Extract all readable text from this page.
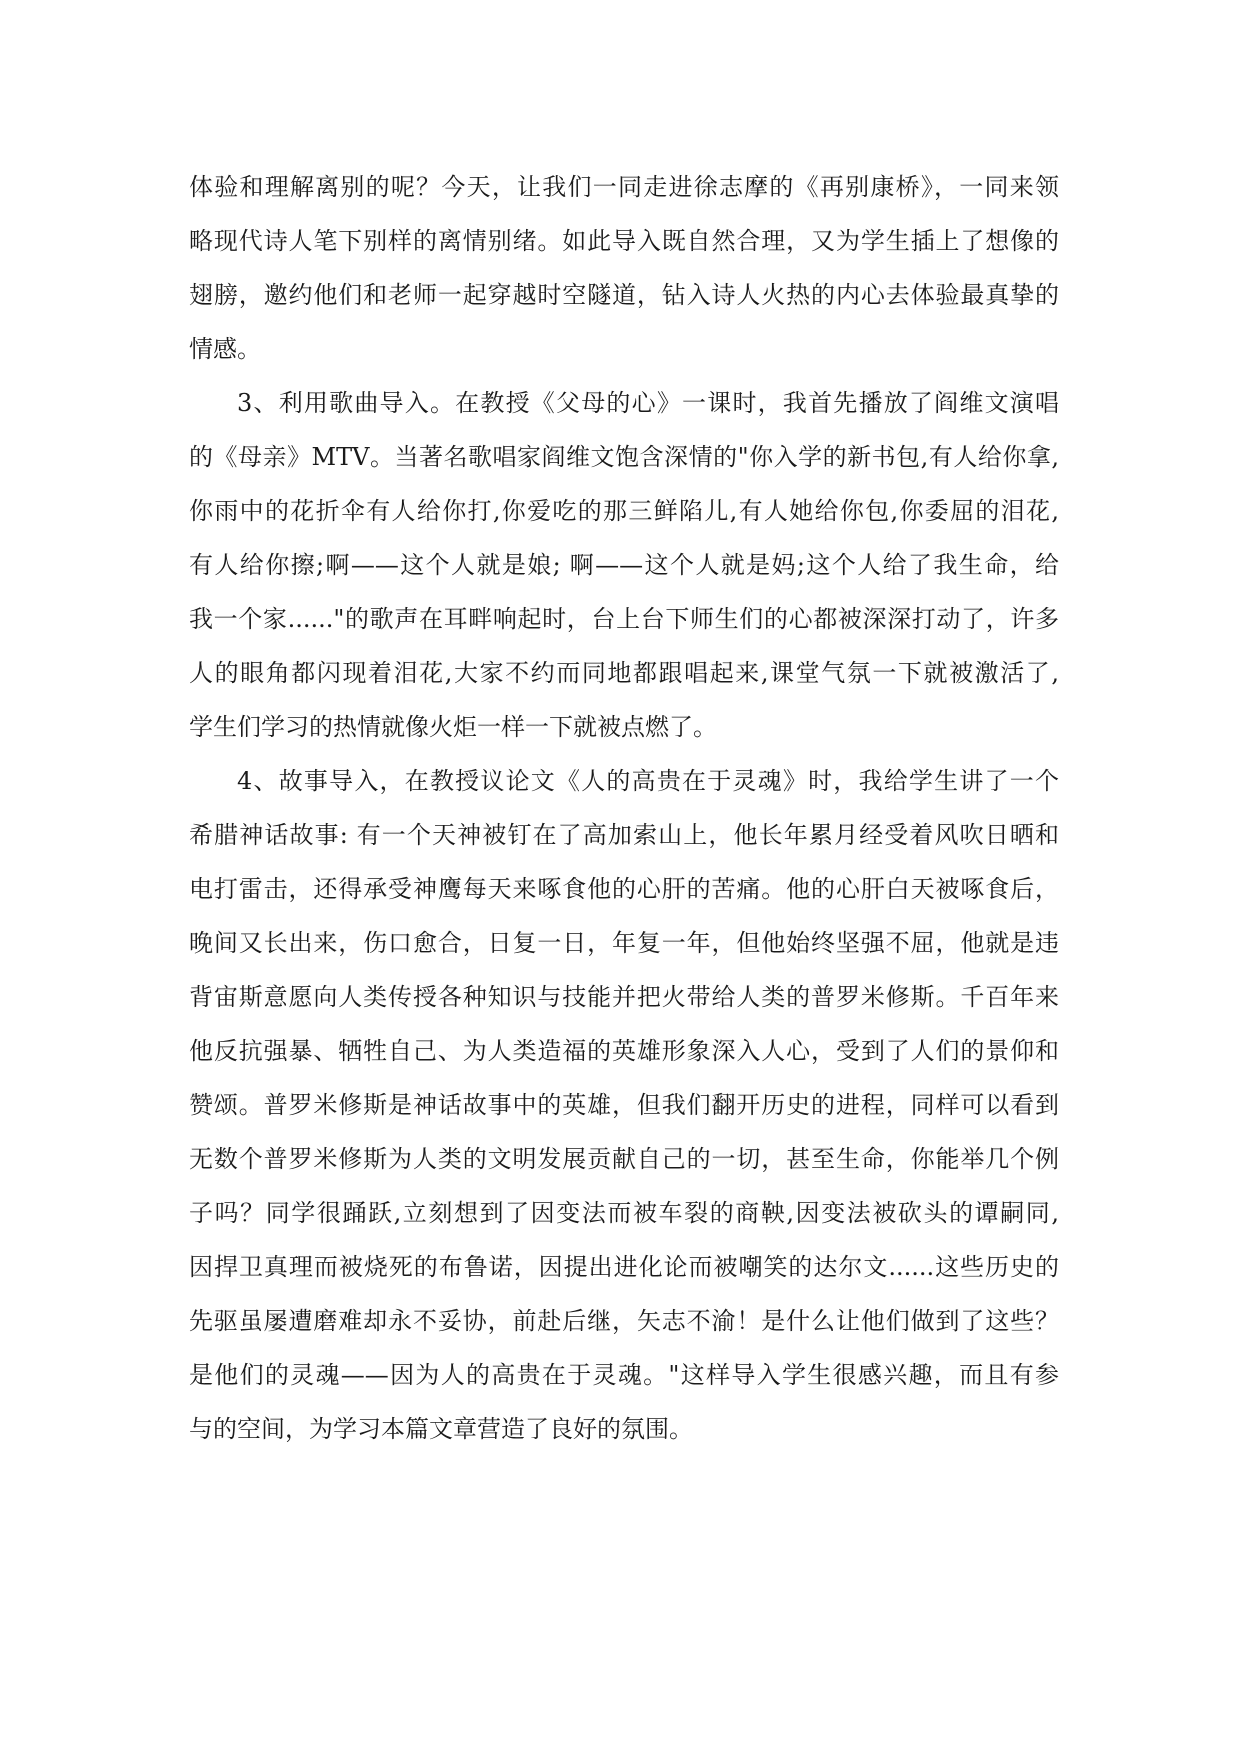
体验和理解离别的呢？今天，让我们一同走进徐志摩的《再别康桥》，一同来领
略现代诗人笔下别样的离情别绪。如此导入既自然合理，又为学生插上了想像的
翅膀，邀约他们和老师一起穿越时空隧道，钻入诗人火热的内心去体验最真挚的
情感。
3、利用歌曲导入。在教授《父母的心》一课时，我首先播放了阎维文演唱
的《母亲》MTV。当著名歌唱家阎维文饱含深情的"你入学的新书包,有人给你拿,
你雨中的花折伞有人给你打,你爱吃的那三鲜陷儿,有人她给你包,你委屈的泪花,
有人给你擦;啊——这个人就是娘; 啊——这个人就是妈;这个人给了我生命，给
我一个家......"的歌声在耳畔响起时，台上台下师生们的心都被深深打动了，许多
人的眼角都闪现着泪花,大家不约而同地都跟唱起来,课堂气氛一下就被激活了,
学生们学习的热情就像火炬一样一下就被点燃了。
4、故事导入，在教授议论文《人的高贵在于灵魂》时，我给学生讲了一个
希腊神话故事: 有一个天神被钉在了高加索山上，他长年累月经受着风吹日晒和
电打雷击，还得承受神鹰每天来啄食他的心肝的苦痛。他的心肝白天被啄食后，
晚间又长出来，伤口愈合，日复一日，年复一年，但他始终坚强不屈，他就是违
背宙斯意愿向人类传授各种知识与技能并把火带给人类的普罗米修斯。千百年来
他反抗强暴、牺牲自己、为人类造福的英雄形象深入人心，受到了人们的景仰和
赞颂。普罗米修斯是神话故事中的英雄，但我们翻开历史的进程，同样可以看到
无数个普罗米修斯为人类的文明发展贡献自己的一切，甚至生命，你能举几个例
子吗？同学很踊跃,立刻想到了因变法而被车裂的商鞅,因变法被砍头的谭嗣同,
因捍卫真理而被烧死的布鲁诺，因提出进化论而被嘲笑的达尔文......这些历史的
先驱虽屡遭磨难却永不妥协，前赴后继，矢志不渝！是什么让他们做到了这些？
是他们的灵魂——因为人的高贵在于灵魂。"这样导入学生很感兴趣，而且有参
与的空间，为学习本篇文章营造了良好的氛围。
